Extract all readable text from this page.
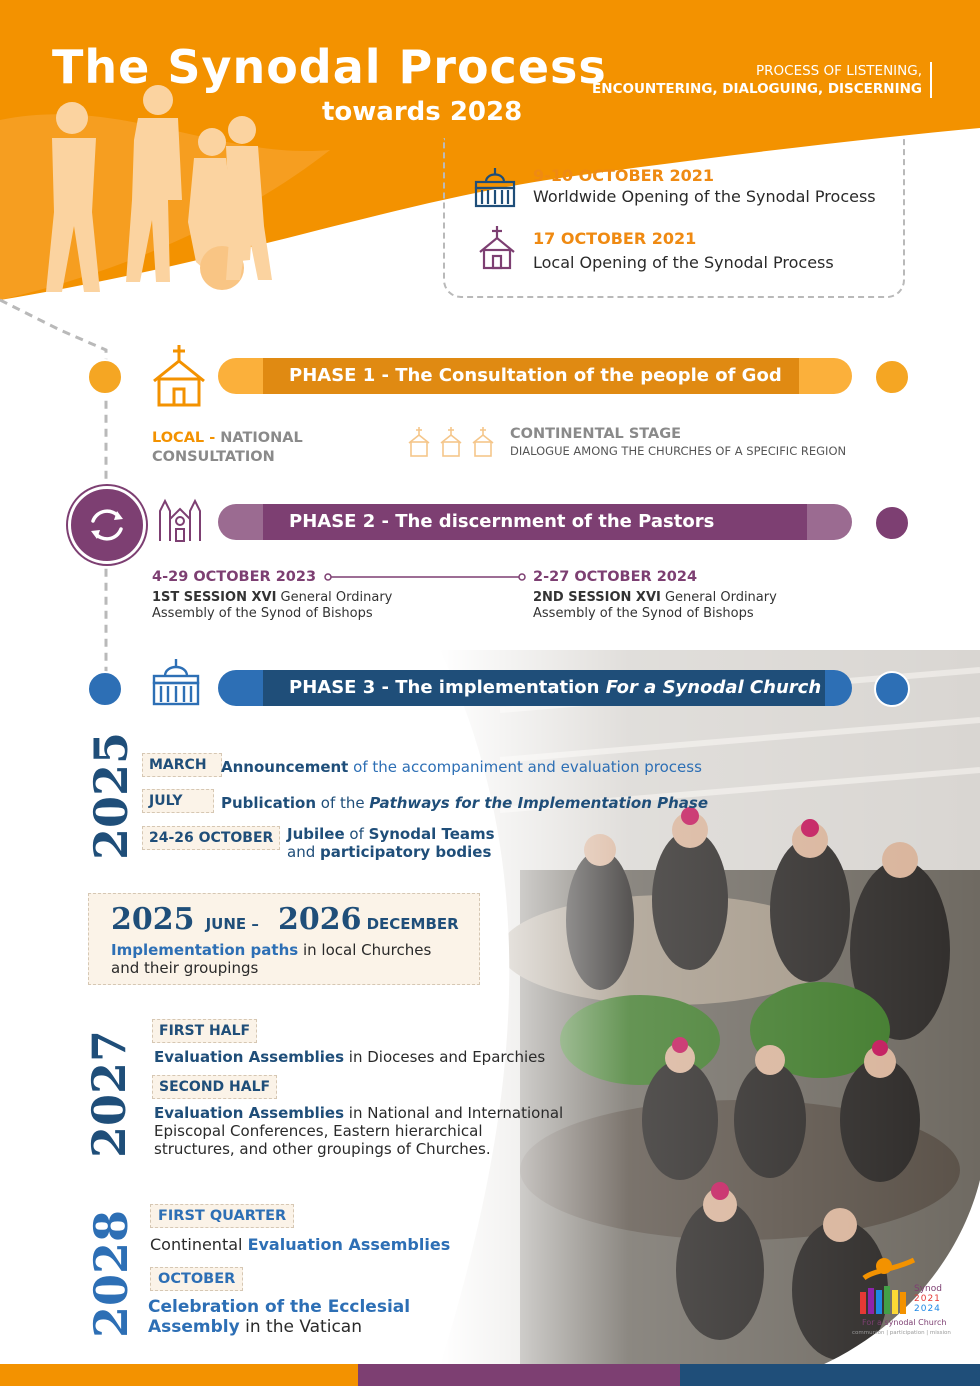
The Synodal Process
towards 2028
PROCESS OF LISTENING,
ENCOUNTERING, DIALOGUING, DISCERNING
9-10 OCTOBER 2021
Worldwide Opening of the Synodal Process
17 OCTOBER 2021
Local Opening of the Synodal Process
PHASE 1 - The Consultation of the people of God
LOCAL - NATIONAL
CONSULTATION
CONTINENTAL STAGE
DIALOGUE AMONG THE CHURCHES OF A SPECIFIC REGION
PHASE 2 - The discernment of the Pastors
4-29 OCTOBER 2023
1ST SESSION XVI General Ordinary
Assembly of the Synod of Bishops
2-27 OCTOBER 2024
2ND SESSION XVI General Ordinary
Assembly of the Synod of Bishops
PHASE 3 - The implementation For a Synodal Church
2025 MARCH Announcement of the accompaniment and evaluation process
JULY	Publication of the Pathways for the Implementation Phase
24-26 OCTOBER Jubilee of Synodal Teams
and participatory bodies
2025 JUNE – 2026 DECEMBER
Implementation paths in local Churches
and their groupings
2027	FIRST HALF
Evaluation Assemblies in Dioceses and Eparchies
SECOND HALF
Evaluation Assemblies in National and International
Episcopal Conferences, Eastern hierarchical
structures, and other groupings of Churches.
2028	FIRST QUARTER
Continental Evaluation Assemblies
OCTOBER
Celebration of the Ecclesial
Assembly in the Vatican
Synod
2021
2024
For a synodal Church
communion | participation | mission
